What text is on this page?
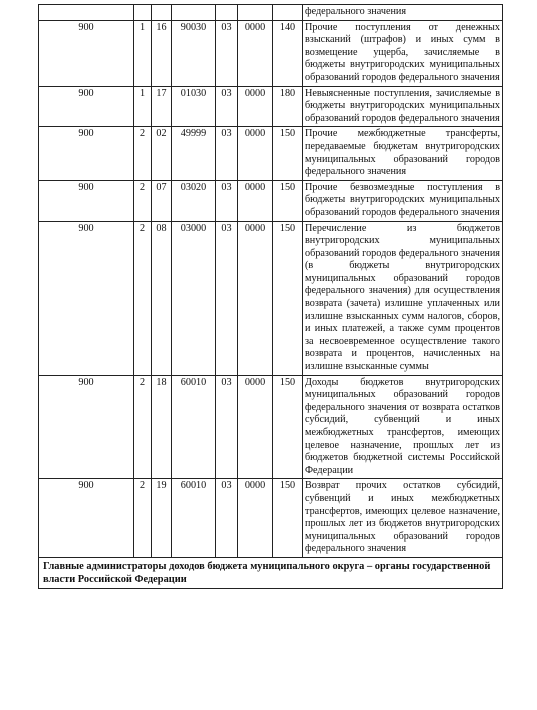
							федерального значения
900	1	16	90030	03	0000	140	Прочие поступления от денежных взысканий (штрафов) и иных сумм в возмещение ущерба, зачисляемые в бюджеты внутригородских муниципальных образований городов федерального значения
900	1	17	01030	03	0000	180	Невыясненные поступления, зачисляемые в бюджеты внутригородских муниципальных образований городов федерального значения
900	2	02	49999	03	0000	150	Прочие межбюджетные трансферты, передаваемые бюджетам внутригородских муниципальных образований городов федерального значения
900	2	07	03020	03	0000	150	Прочие безвозмездные поступления в бюджеты внутригородских муниципальных образований городов федерального значения
900	2	08	03000	03	0000	150	Перечисление из бюджетов внутригородских муниципальных образований городов федерального значения (в бюджеты внутригородских муниципальных образований городов федерального значения) для осуществления возврата (зачета) излишне уплаченных или излишне взысканных сумм налогов, сборов, и иных платежей, а также сумм процентов за несвоевременное осуществление такого возврата и процентов, начисленных на излишне взысканные суммы
900	2	18	60010	03	0000	150	Доходы бюджетов внутригородских муниципальных образований городов федерального значения от возврата остатков субсидий, субвенций и иных межбюджетных трансфертов, имеющих целевое назначение, прошлых лет из бюджетов бюджетной системы Российской Федерации
900	2	19	60010	03	0000	150	Возврат прочих остатков субсидий, субвенций и иных межбюджетных трансфертов, имеющих целевое назначение, прошлых лет из бюджетов внутригородских муниципальных образований городов федерального значения
Главные администраторы доходов бюджета муниципального округа – органы государственной власти Российской Федерации							
